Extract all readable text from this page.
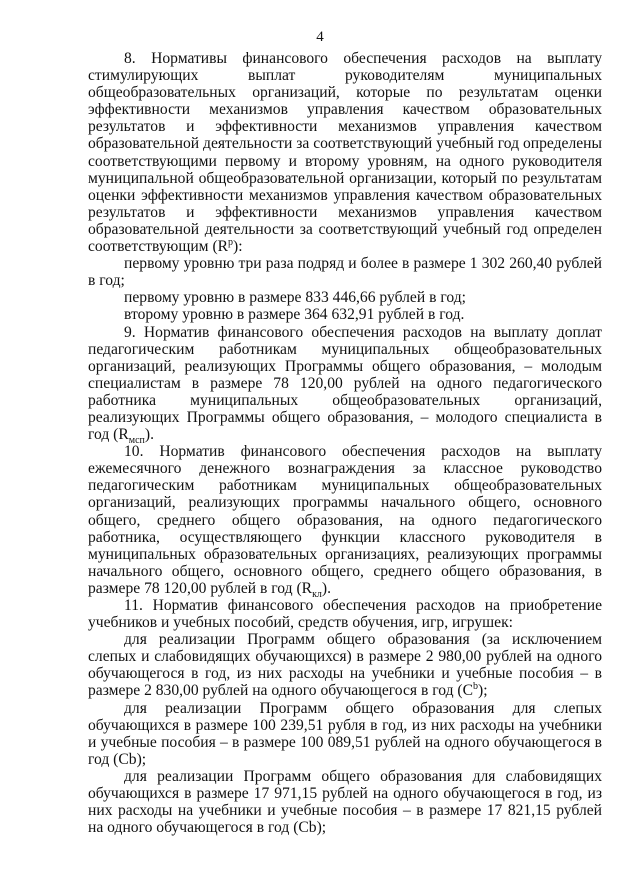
4

8. Нормативы финансового обеспечения расходов на выплату стимулирующих выплат руководителям муниципальных общеобразовательных организаций, которые по результатам оценки эффективности механизмов управления качеством образовательных результатов и эффективности механизмов управления качеством образовательной деятельности за соответствующий учебный год определены соответствующими первому и второму уровням, на одного руководителя муниципальной общеобразовательной организации, который по результатам оценки эффективности механизмов управления качеством образовательных результатов и эффективности механизмов управления качеством образовательной деятельности за соответствующий учебный год определен соответствующим $(R^p)$:

первому уровню три раза подряд и более в размере 1 302 260,40 рублей в год;

первому уровню в размере 833 446,66 рублей в год;

второму уровню в размере 364 632,91 рублей в год.

9. Норматив финансового обеспечения расходов на выплату доплат педагогическим работникам муниципальных общеобразовательных организаций, реализующих Программы общего образования, – молодым специалистам в размере 78 120,00 рублей на одного педагогического работника муниципальных общеобразовательных организаций, реализующих Программы общего образования, – молодого специалиста в год $(R_{мсп})$.

10. Норматив финансового обеспечения расходов на выплату ежемесячного денежного вознаграждения за классное руководство педагогическим работникам муниципальных общеобразовательных организаций, реализующих программы начального общего, основного общего, среднего общего образования, на одного педагогического работника, осуществляющего функции классного руководителя в муниципальных образовательных организациях, реализующих программы начального общего, основного общего, среднего общего образования, в размере 78 120,00 рублей в год $(R_{кл})$.

11. Норматив финансового обеспечения расходов на приобретение учебников и учебных пособий, средств обучения, игр, игрушек:

для реализации Программ общего образования (за исключением слепых и слабовидящих обучающихся) в размере 2 980,00 рублей на одного обучающегося в год, из них расходы на учебники и учебные пособия – в размере 2 830,00 рублей на одного обучающегося в год $(C^b)$;

для реализации Программ общего образования для слепых обучающихся в размере 100 239,51 рубля в год, из них расходы на учебники и учебные пособия – в размере 100 089,51 рублей на одного обучающегося в год (Cb);

для реализации Программ общего образования для слабовидящих обучающихся в размере 17 971,15 рублей на одного обучающегося в год, из них расходы на учебники и учебные пособия – в размере 17 821,15 рублей на одного обучающегося в год (Cb);
